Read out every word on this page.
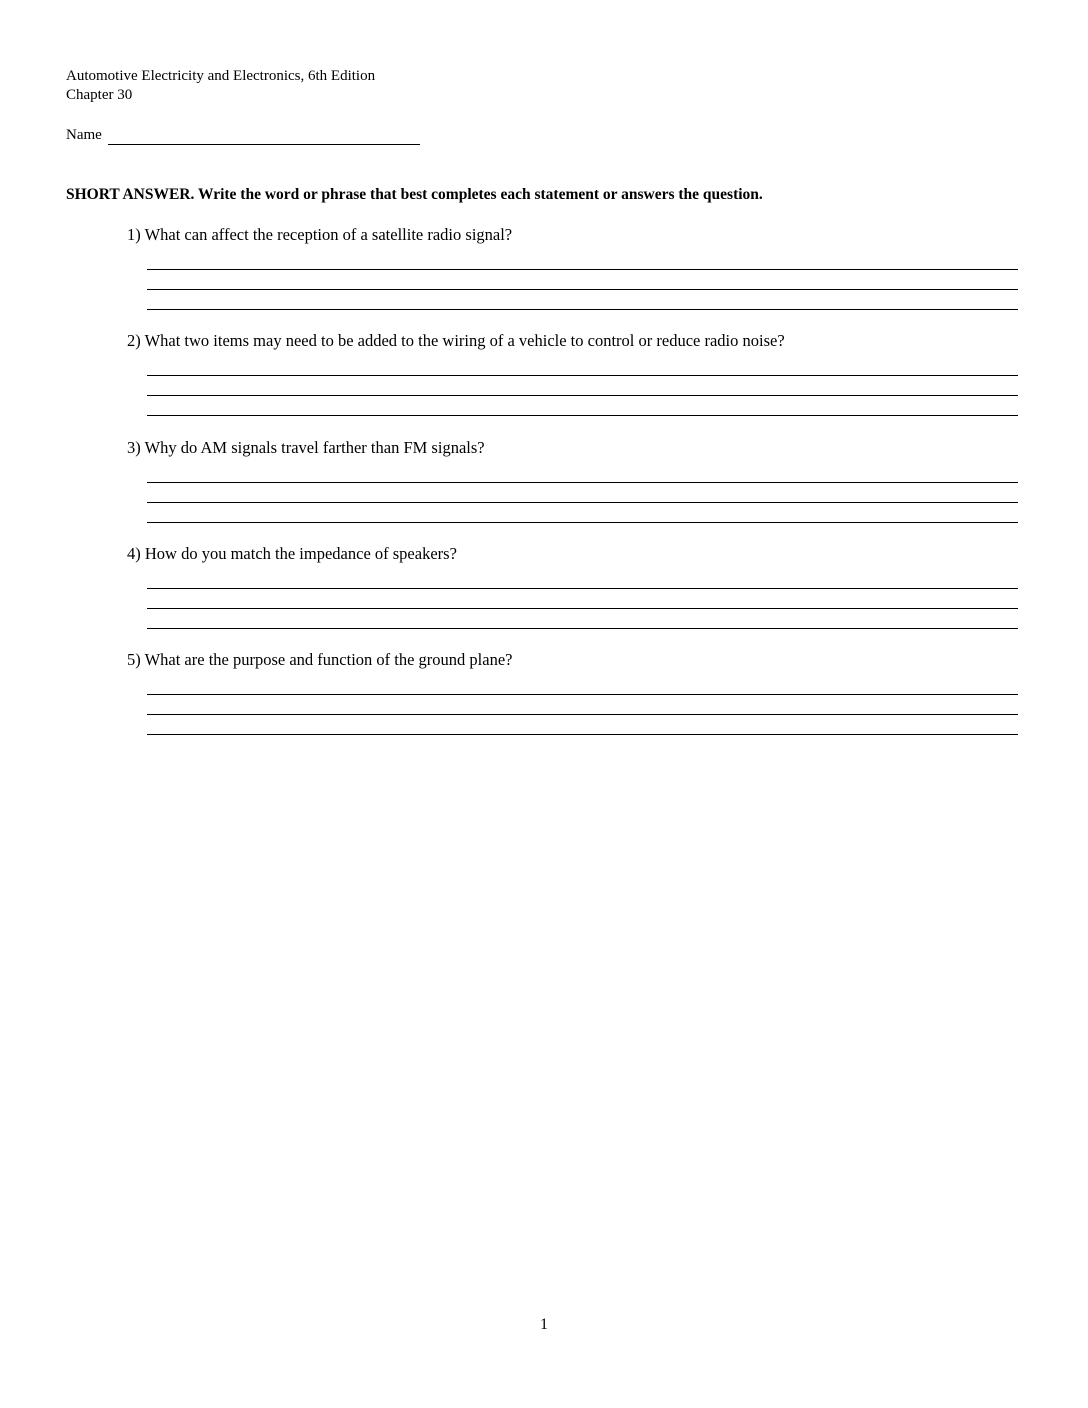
Automotive Electricity and Electronics, 6th Edition
Chapter 30
Name
SHORT ANSWER. Write the word or phrase that best completes each statement or answers the question.
1) What can affect the reception of a satellite radio signal?
2) What two items may need to be added to the wiring of a vehicle to control or reduce radio noise?
3) Why do AM signals travel farther than FM signals?
4) How do you match the impedance of speakers?
5) What are the purpose and function of the ground plane?
1
